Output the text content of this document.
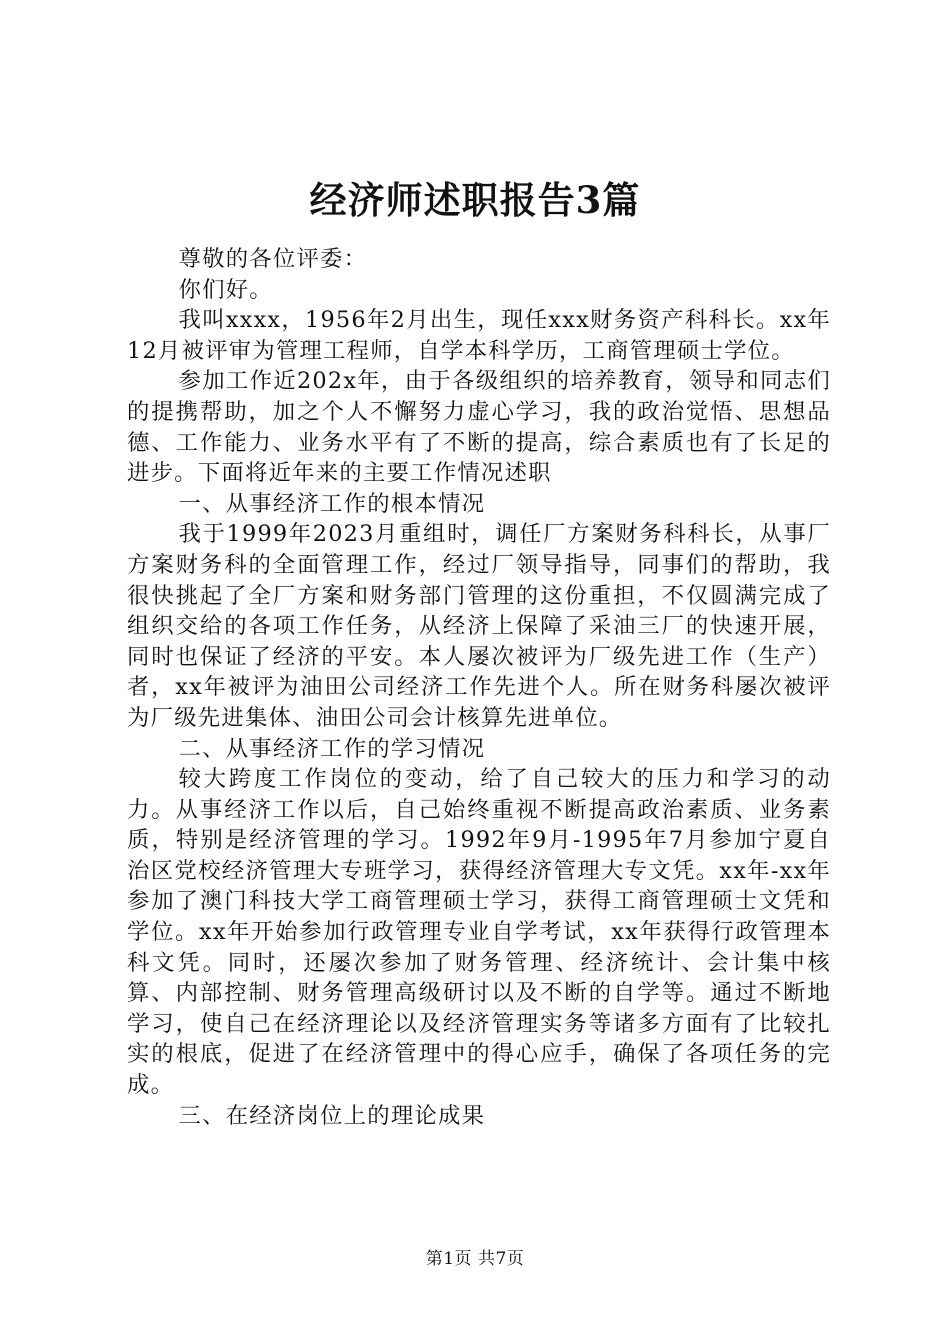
经济师述职报告3篇

尊敬的各位评委：

你们好。

我叫xxxx，1956年2月出生，现任xxx财务资产科科长。xx年12月被评审为管理工程师，自学本科学历，工商管理硕士学位。

参加工作近202x年，由于各级组织的培养教育，领导和同志们的提携帮助，加之个人不懈努力虚心学习，我的政治觉悟、思想品德、工作能力、业务水平有了不断的提高，综合素质也有了长足的进步。下面将近年来的主要工作情况述职

一、从事经济工作的根本情况

我于1999年2023月重组时，调任厂方案财务科科长，从事厂方案财务科的全面管理工作，经过厂领导指导，同事们的帮助，我很快挑起了全厂方案和财务部门管理的这份重担，不仅圆满完成了组织交给的各项工作任务，从经济上保障了采油三厂的快速开展，同时也保证了经济的平安。本人屡次被评为厂级先进工作（生产）者，xx年被评为油田公司经济工作先进个人。所在财务科屡次被评为厂级先进集体、油田公司会计核算先进单位。

二、从事经济工作的学习情况

较大跨度工作岗位的变动，给了自己较大的压力和学习的动力。从事经济工作以后，自己始终重视不断提高政治素质、业务素质，特别是经济管理的学习。1992年9月-1995年7月参加宁夏自治区党校经济管理大专班学习，获得经济管理大专文凭。xx年-xx年参加了澳门科技大学工商管理硕士学习，获得工商管理硕士文凭和学位。xx年开始参加行政管理专业自学考试，xx年获得行政管理本科文凭。同时，还屡次参加了财务管理、经济统计、会计集中核算、内部控制、财务管理高级研讨以及不断的自学等。通过不断地学习，使自己在经济理论以及经济管理实务等诸多方面有了比较扎实的根底，促进了在经济管理中的得心应手，确保了各项任务的完成。

三、在经济岗位上的理论成果

第1页 共7页
